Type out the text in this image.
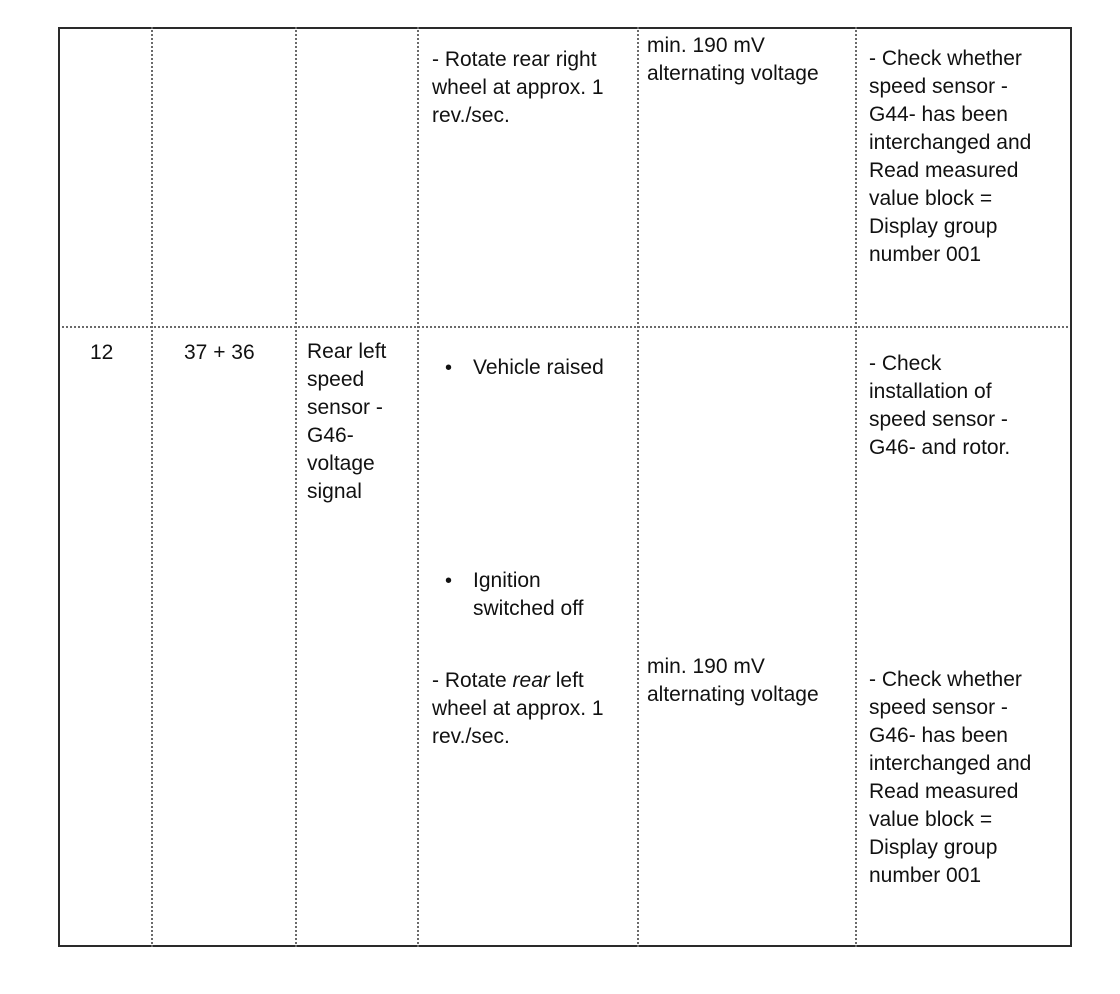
- Rotate rear right
wheel at approx. 1
rev./sec.
min. 190 mV
alternating voltage
- Check whether
speed sensor -
G44- has been
interchanged and
Read measured
value block =
Display group
number 001
12	37 + 36 Rear left
speed
sensor -
G46-
voltage
signal
• Vehicle raised
• Ignition
switched off
- Rotate rear left
wheel at approx. 1
rev./sec.
min. 190 mV
alternating voltage
- Check
installation of
speed sensor -
G46- and rotor.
- Check whether
speed sensor -
G46- has been
interchanged and
Read measured
value block =
Display group
number 001
